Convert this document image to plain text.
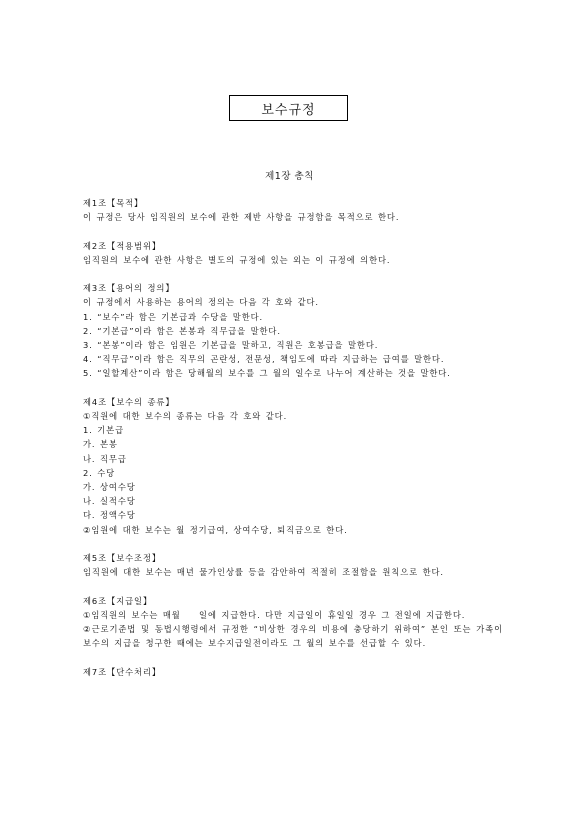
보수규정
제1장 총칙
제1조【목적】
이 규정은 당사 임직원의 보수에 관한 제반 사항을 규정함을 목적으로 한다.
제2조【적용범위】
임직원의 보수에 관한 사항은 별도의 규정에 있는 외는 이 규정에 의한다.
제3조【용어의 정의】
이 규정에서 사용하는 용어의 정의는 다음 각 호와 같다.
1. “보수”라 함은 기본급과 수당을 말한다.
2. “기본급”이라 함은 본봉과 직무급을 말한다.
3. “본봉”이라 함은 임원은 기본급을 말하고, 직원은 호봉급을 말한다.
4. “직무급”이라 함은 직무의 곤란성, 전문성, 책임도에 따라 지급하는 급여를 말한다.
5. “일할계산”이라 함은 당해월의 보수를 그 월의 일수로 나누어 계산하는 것을 말한다.
제4조【보수의 종류】
①직원에 대한 보수의 종류는 다음 각 호와 같다.
1. 기본급
가. 본봉
나. 직무급
2. 수당
가. 상여수당
나. 실적수당
다. 정액수당
②임원에 대한 보수는 월 정기급여, 상여수당, 퇴직금으로 한다.
제5조【보수조정】
임직원에 대한 보수는 매년 물가인상률 등을 감안하여 적절히 조절함을 원칙으로 한다.
제6조【지급일】
①임직원의 보수는 매월　　일에 지급한다. 다만 지급일이 휴일일 경우 그 전일에 지급한다.
②근로기준법 및 동법시행령에서 규정한 “비상한 경우의 비용에 충당하기 위하여” 본인 또는 가족이 보수의 지급을 청구한 때에는 보수지급일전이라도 그 월의 보수를 선급할 수 있다.
제7조【단수처리】
